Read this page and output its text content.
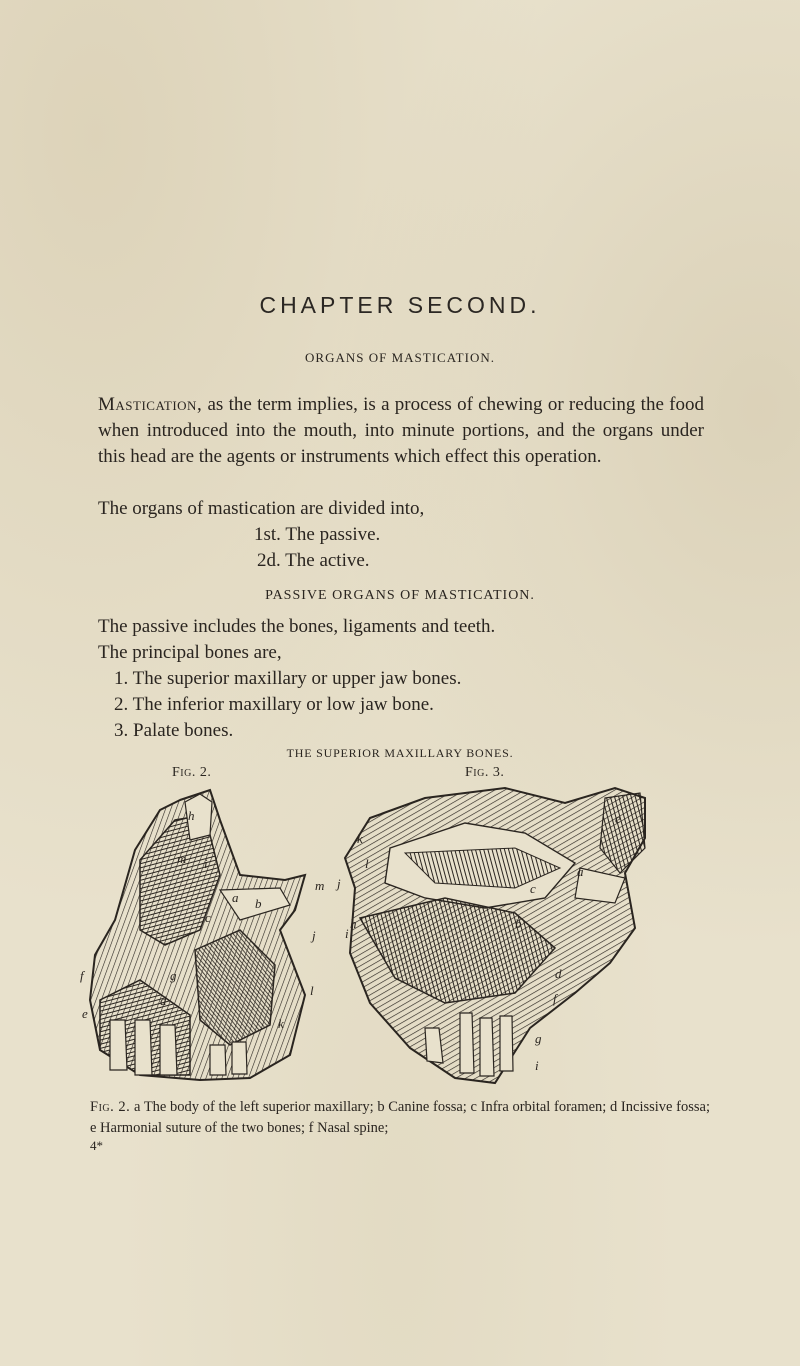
CHAPTER SECOND.
ORGANS OF MASTICATION.
Mastication, as the term implies, is a process of chewing or reducing the food when introduced into the mouth, into minute portions, and the organs under this head are the agents or instruments which effect this operation.
The organs of mastication are divided into,
1st. The passive.
2d. The active.
PASSIVE ORGANS OF MASTICATION.
The passive includes the bones, ligaments and teeth.
The principal bones are,
1. The superior maxillary or upper jaw bones.
2. The inferior maxillary or low jaw bone.
3. Palate bones.
THE SUPERIOR MAXILLARY BONES.
Fig. 2.	Fig. 3.
h
m i
a
c
b
j
f	g
d
l
e
k
k
l
m j
h
i
e
a
c
b
d
f
g
i
Fig. 2. a The body of the left superior maxillary; b Canine fossa; c Infra orbital foramen; d Incissive fossa; e Harmonial suture of the two bones; f Nasal spine;
4*
